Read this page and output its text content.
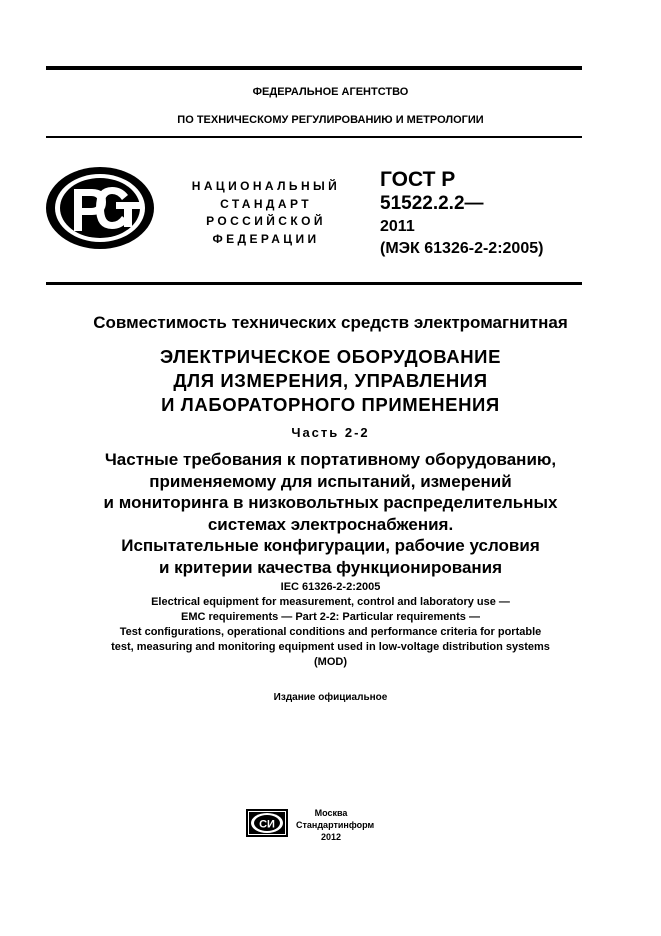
ФЕДЕРАЛЬНОЕ АГЕНТСТВО
ПО ТЕХНИЧЕСКОМУ РЕГУЛИРОВАНИЮ И МЕТРОЛОГИИ
НАЦИОНАЛЬНЫЙ
СТАНДАРТ
РОССИЙСКОЙ
ФЕДЕРАЦИИ
ГОСТ Р
51522.2.2—
2011
(МЭК 61326-2-2:2005)
Совместимость технических средств электромагнитная
ЭЛЕКТРИЧЕСКОЕ ОБОРУДОВАНИЕ
ДЛЯ ИЗМЕРЕНИЯ, УПРАВЛЕНИЯ
И ЛАБОРАТОРНОГО ПРИМЕНЕНИЯ
Часть 2-2
Частные требования к портативному оборудованию,
применяемому для испытаний, измерений
и мониторинга в низковольтных распределительных
системах электроснабжения.
Испытательные конфигурации, рабочие условия
и критерии качества функционирования
IEC 61326-2-2:2005
Electrical equipment for measurement, control and laboratory use —
EMC requirements — Part 2-2: Particular requirements —
Test configurations, operational conditions and performance criteria for portable
test, measuring and monitoring equipment used in low-voltage distribution systems
(MOD)
Издание официальное
СИ
Москва
Стандартинформ
2012
